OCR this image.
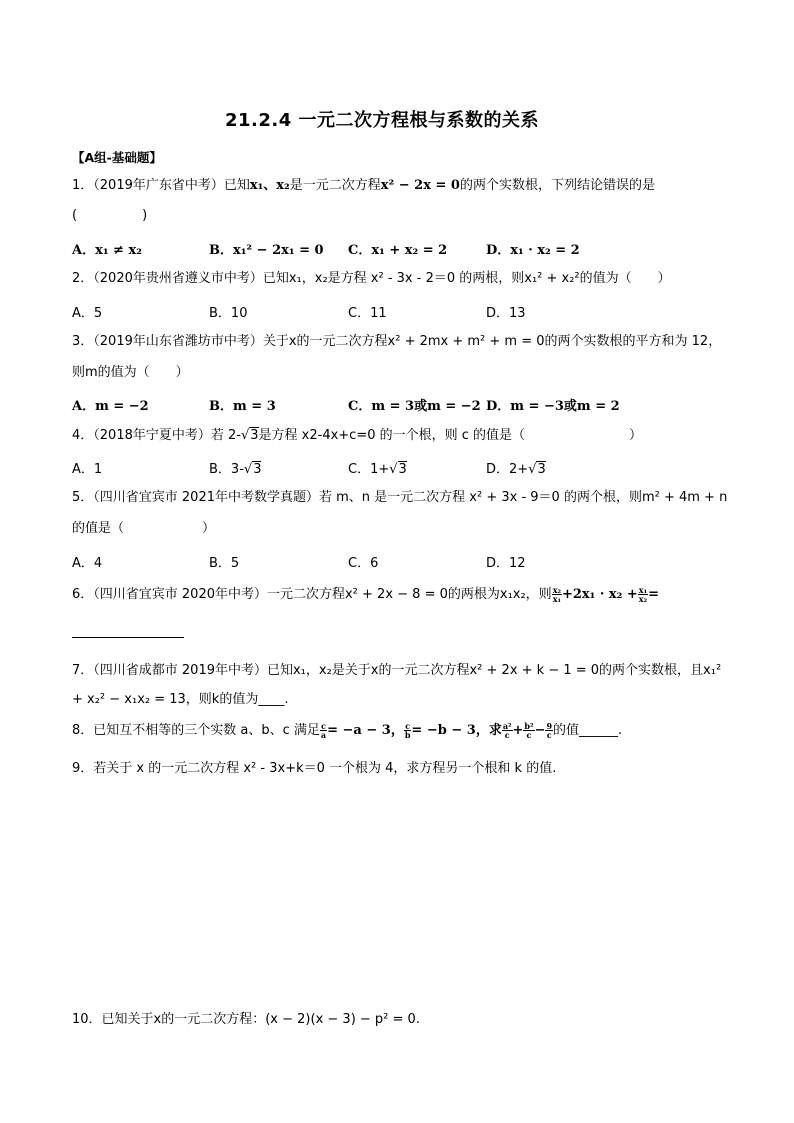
21.2.4 一元二次方程根与系数的关系
【A组-基础题】
1．（2019年广东省中考）已知x₁、x₂是一元二次方程x² − 2x = 0的两个实数根，下列结论错误的是
(　　　　　)
A．x₁ ≠ x₂	B．x₁² − 2x₁ = 0 C．x₁ + x₂ = 2	D．x₁ · x₂ = 2
2．（2020年贵州省遵义市中考）已知x₁，x₂是方程 x² - 3x - 2＝0 的两根，则x₁² + x₂²的值为（　　）
A．5	B．10	C．11	D．13
3．（2019年山东省潍坊市中考）关于x的一元二次方程x² + 2mx + m² + m = 0的两个实数根的平方和为 12，
则m的值为（　　）
A．m = −2	B．m = 3	C．m = 3或m = −2 D．m = −3或m = 2
4．（2018年宁夏中考）若 2-√3是方程 x2-4x+c=0 的一个根，则 c 的值是（　　　　　　　　）
A．1	B．3-√3	C．1+√3	D．2+√3
5．（四川省宜宾市 2021年中考数学真题）若 m、n 是一元二次方程 x² + 3x - 9＝0 的两个根，则m² + 4m + n
的值是（　　　　　　）
A．4	B．5	C．6	D．12
6．（四川省宜宾市 2020年中考）一元二次方程x² + 2x − 8 = 0的两根为x₁x₂，则 $\frac{\text{x₂}}{\text{x₁}} +2x_1 \cdot x_2 + \frac{\text{x₁}}{\text{x₂}}$ =
7．（四川省成都市 2019年中考）已知x₁，x₂是关于x的一元二次方程x² + 2x + k − 1 = 0的两个实数根，且x₁²
+ x₂² − x₁x₂ = 13，则k的值为____.
8．已知互不相等的三个实数 a、b、c 满足 $\frac{c}{a} = -a - 3$， $\frac{c}{b} = -b - 3$，求 $\frac{\text{a²}}{c} + \frac{\text{b²}}{c} - \frac{9}{c}$ 的值______.
9．若关于 x 的一元二次方程 x² - 3x+k＝0 一个根为 4，求方程另一个根和 k 的值.
10．已知关于x的一元二次方程：(x − 2)(x − 3) − p² = 0.
